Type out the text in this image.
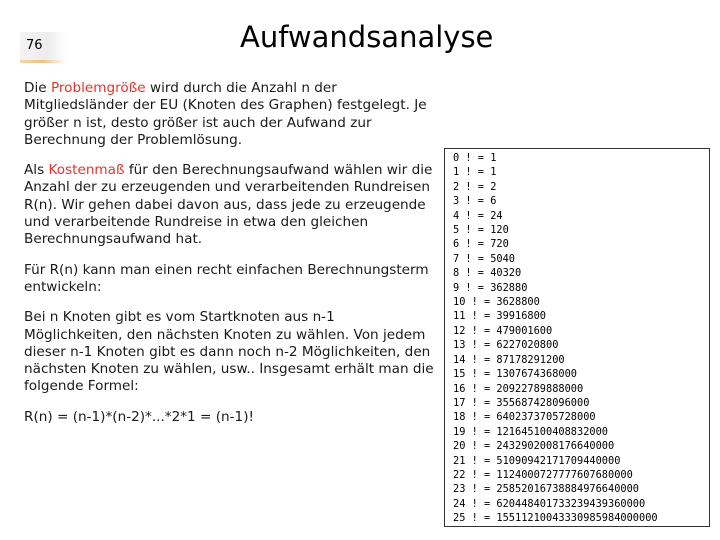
76	Aufwandsanalyse

Die Problemgröße wird durch die Anzahl n der Mitgliedsländer der EU (Knoten des Graphen) festgelegt. Je größer n ist, desto größer ist auch der Aufwand zur Berechnung der Problemlösung.

Als Kostenmaß für den Berechnungsaufwand wählen wir die Anzahl der zu erzeugenden und verarbeitenden Rundreisen R(n). Wir gehen dabei davon aus, dass jede zu erzeugende und verarbeitende Rundreise in etwa den gleichen Berechnungsaufwand hat.

Für R(n) kann man einen recht einfachen Berechnungsterm entwickeln:

Bei n Knoten gibt es vom Startknoten aus n-1 Möglichkeiten, den nächsten Knoten zu wählen. Von jedem dieser n-1 Knoten gibt es dann noch n-2 Möglichkeiten, den nächsten Knoten zu wählen, usw.. Insgesamt erhält man die folgende Formel:

R(n) = (n-1)*(n-2)*...*2*1 = (n-1)!

0 ! = 1
1 ! = 1
2 ! = 2
3 ! = 6
4 ! = 24
5 ! = 120
6 ! = 720
7 ! = 5040
8 ! = 40320
9 ! = 362880
10 ! = 3628800
11 ! = 39916800
12 ! = 479001600
13 ! = 6227020800
14 ! = 87178291200
15 ! = 1307674368000
16 ! = 20922789888000
17 ! = 355687428096000
18 ! = 6402373705728000
19 ! = 121645100408832000
20 ! = 2432902008176640000
21 ! = 51090942171709440000
22 ! = 1124000727777607680000
23 ! = 25852016738884976640000
24 ! = 620448401733239439360000
25 ! = 15511210043330985984000000
